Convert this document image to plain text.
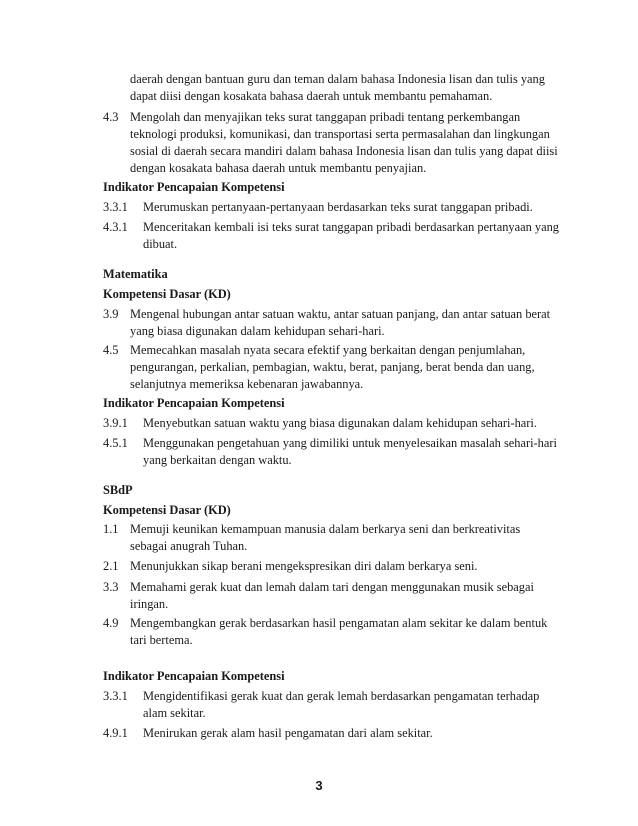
daerah dengan bantuan guru dan teman dalam bahasa Indonesia lisan dan tulis yang
dapat diisi dengan kosakata bahasa daerah untuk membantu pemahaman.
4.3 Mengolah dan menyajikan teks surat tanggapan pribadi tentang perkembangan
teknologi produksi, komunikasi, dan transportasi serta permasalahan dan lingkungan
sosial di daerah secara mandiri dalam bahasa Indonesia lisan dan tulis yang dapat diisi
dengan kosakata bahasa daerah untuk membantu penyajian.
Indikator Pencapaian Kompetensi
3.3.1 Merumuskan pertanyaan-pertanyaan berdasarkan teks surat tanggapan pribadi.
4.3.1 Menceritakan kembali isi teks surat tanggapan pribadi berdasarkan pertanyaan yang
dibuat.
Matematika
Kompetensi Dasar (KD)
3.9 Mengenal hubungan antar satuan waktu, antar satuan panjang, dan antar satuan berat
yang biasa digunakan dalam kehidupan sehari-hari.
4.5 Memecahkan masalah nyata secara efektif yang berkaitan dengan penjumlahan,
pengurangan, perkalian, pembagian, waktu, berat, panjang, berat benda dan uang,
selanjutnya memeriksa kebenaran jawabannya.
Indikator Pencapaian Kompetensi
3.9.1 Menyebutkan satuan waktu yang biasa digunakan dalam kehidupan sehari-hari.
4.5.1 Menggunakan pengetahuan yang dimiliki untuk menyelesaikan masalah sehari-hari
yang berkaitan dengan waktu.
SBdP
Kompetensi Dasar (KD)
1.1 Memuji keunikan kemampuan manusia dalam berkarya seni dan berkreativitas
sebagai anugrah Tuhan.
2.1 Menunjukkan sikap berani mengekspresikan diri dalam berkarya seni.
3.3 Memahami gerak kuat dan lemah dalam tari dengan menggunakan musik sebagai
iringan.
4.9 Mengembangkan gerak berdasarkan hasil pengamatan alam sekitar ke dalam bentuk
tari bertema.
Indikator Pencapaian Kompetensi
3.3.1 Mengidentifikasi gerak kuat dan gerak lemah berdasarkan pengamatan terhadap
alam sekitar.
4.9.1 Menirukan gerak alam hasil pengamatan dari alam sekitar.
3
